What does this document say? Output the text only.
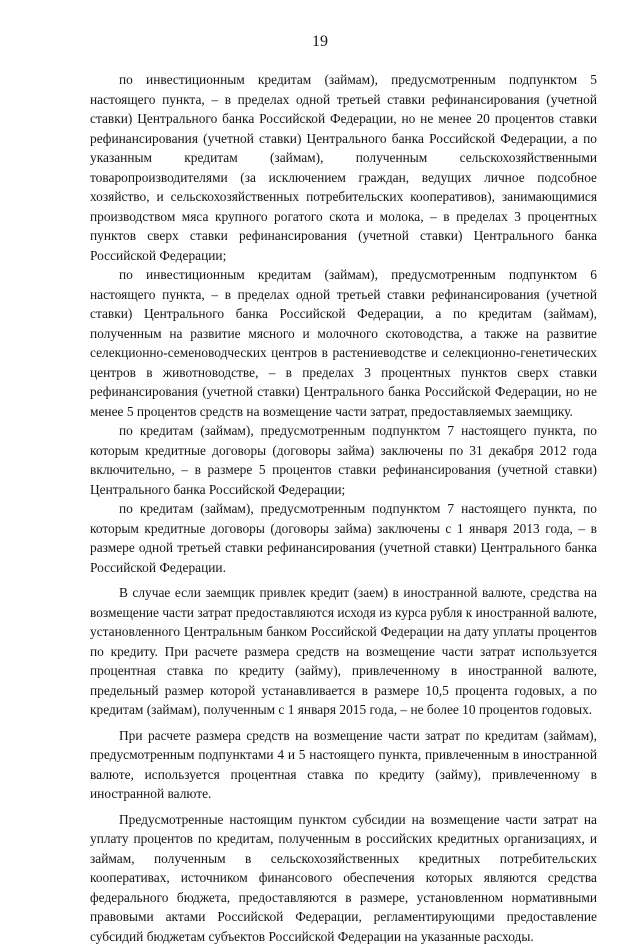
19

по инвестиционным кредитам (займам), предусмотренным подпунктом 5 настоящего пункта, – в пределах одной третьей ставки рефинансирования (учетной ставки) Центрального банка Российской Федерации, но не менее 20 процентов ставки рефинансирования (учетной ставки) Центрального банка Российской Федерации, а по указанным кредитам (займам), полученным сельскохозяйственными товаропроизводителями (за исключением граждан, ведущих личное подсобное хозяйство, и сельскохозяйственных потребительских кооперативов), занимающимися производством мяса крупного рогатого скота и молока, – в пределах 3 процентных пунктов сверх ставки рефинансирования (учетной ставки) Центрального банка Российской Федерации;

по инвестиционным кредитам (займам), предусмотренным подпунктом 6 настоящего пункта, – в пределах одной третьей ставки рефинансирования (учетной ставки) Центрального банка Российской Федерации, а по кредитам (займам), полученным на развитие мясного и молочного скотоводства, а также на развитие селекционно-семеноводческих центров в растениеводстве и селекционно-генетических центров в животноводстве, – в пределах 3 процентных пунктов сверх ставки рефинансирования (учетной ставки) Центрального банка Российской Федерации, но не менее 5 процентов средств на возмещение части затрат, предоставляемых заемщику.

по кредитам (займам), предусмотренным подпунктом 7 настоящего пункта, по которым кредитные договоры (договоры займа) заключены по 31 декабря 2012 года включительно, – в размере 5 процентов ставки рефинансирования (учетной ставки) Центрального банка Российской Федерации;

по кредитам (займам), предусмотренным подпунктом 7 настоящего пункта, по которым кредитные договоры (договоры займа) заключены с 1 января 2013 года, – в размере одной третьей ставки рефинансирования (учетной ставки) Центрального банка Российской Федерации.

В случае если заемщик привлек кредит (заем) в иностранной валюте, средства на возмещение части затрат предоставляются исходя из курса рубля к иностранной валюте, установленного Центральным банком Российской Федерации на дату уплаты процентов по кредиту. При расчете размера средств на возмещение части затрат используется процентная ставка по кредиту (займу), привлеченному в иностранной валюте, предельный размер которой устанавливается в размере 10,5 процента годовых, а по кредитам (займам), полученным с 1 января 2015 года, – не более 10 процентов годовых.

При расчете размера средств на возмещение части затрат по кредитам (займам), предусмотренным подпунктами 4 и 5 настоящего пункта, привлеченным в иностранной валюте, используется процентная ставка по кредиту (займу), привлеченному в иностранной валюте.

Предусмотренные настоящим пунктом субсидии на возмещение части затрат на уплату процентов по кредитам, полученным в российских кредитных организациях, и займам, полученным в сельскохозяйственных кредитных потребительских кооперативах, источником финансового обеспечения которых являются средства федерального бюджета, предоставляются в размере, установленном нормативными правовыми актами Российской Федерации, регламентирующими предоставление субсидий бюджетам субъектов Российской Федерации на указанные расходы.
